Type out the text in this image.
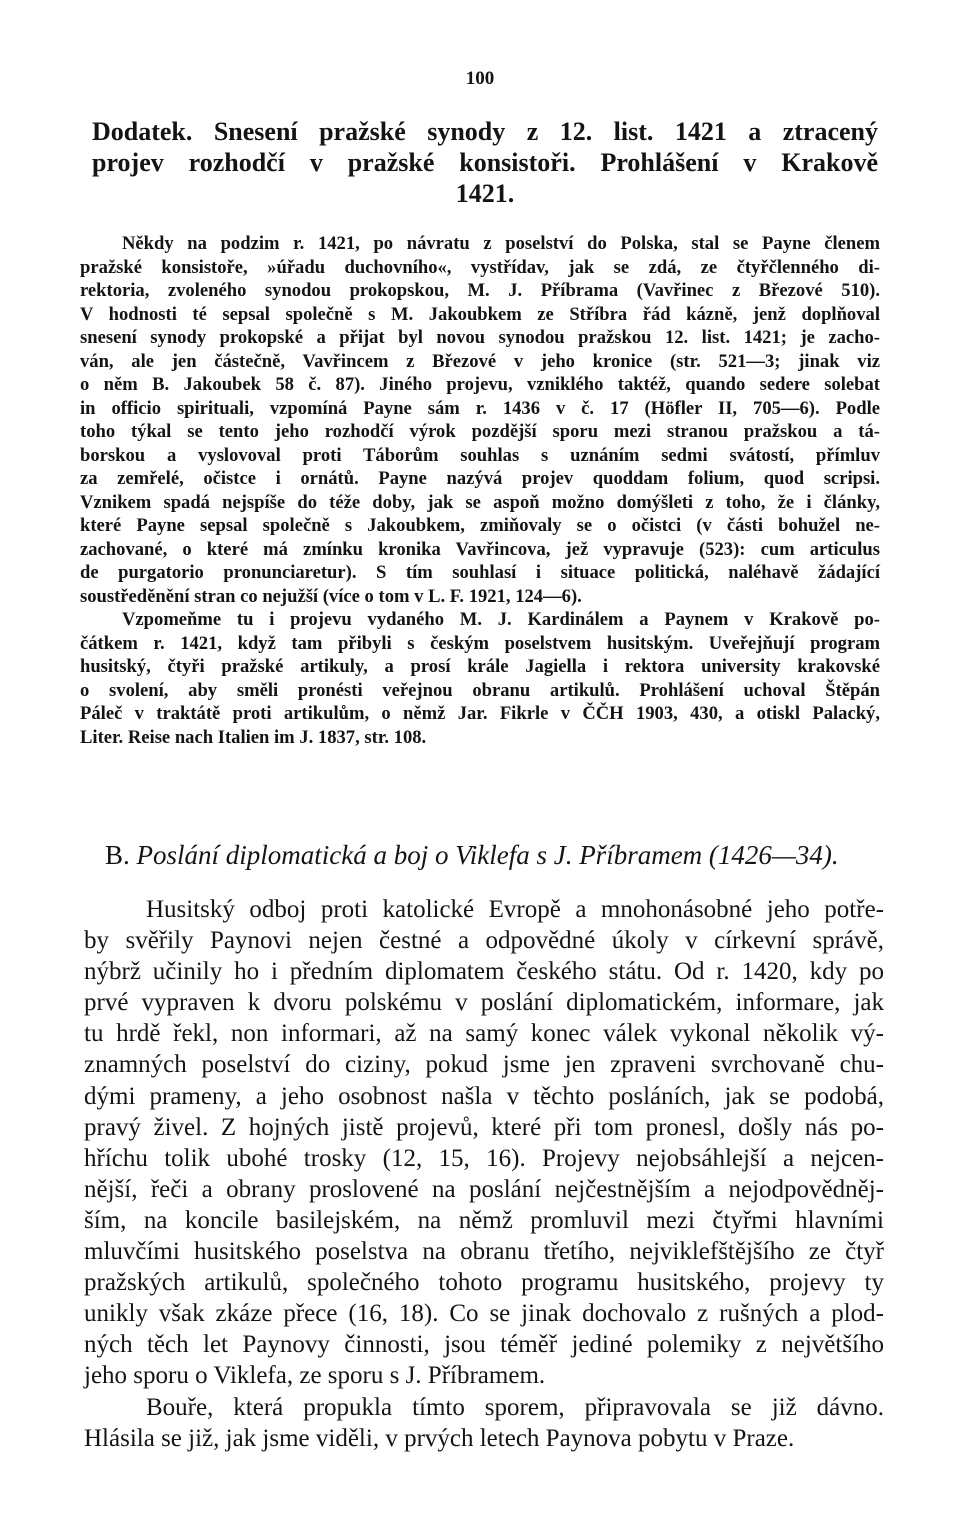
100
Dodatek. Snesení pražské synody z 12. list. 1421 a ztracený
projev rozhodčí v pražské konsistoři. Prohlášení v Krakově
1421.
Někdy na podzim r. 1421, po návratu z poselství do Polska, stal se Payne členem
pražské konsistoře, »úřadu duchovního«, vystřídav, jak se zdá, ze čtyřčlenného di-
rektoria, zvoleného synodou prokopskou, M. J. Příbrama (Vavřinec z Březové 510).
V hodnosti té sepsal společně s M. Jakoubkem ze Stříbra řád kázně, jenž doplňoval
snesení synody prokopské a přijat byl novou synodou pražskou 12. list. 1421; je zacho-
ván, ale jen částečně, Vavřincem z Březové v jeho kronice (str. 521—3; jinak viz
o něm B. Jakoubek 58 č. 87). Jiného projevu, vzniklého taktéž, quando sedere solebat
in officio spirituali, vzpomíná Payne sám r. 1436 v č. 17 (Höfler II, 705—6). Podle
toho týkal se tento jeho rozhodčí výrok pozdější sporu mezi stranou pražskou a tá-
borskou a vyslovoval proti Táborům souhlas s uznáním sedmi svátostí, přímluv
za zemřelé, očistce i ornátů. Payne nazývá projev quoddam folium, quod scripsi.
Vznikem spadá nejspíše do téže doby, jak se aspoň možno domýšleti z toho, že i články,
které Payne sepsal společně s Jakoubkem, zmiňovaly se o očistci (v části bohužel ne-
zachované, o které má zmínku kronika Vavřincova, jež vypravuje (523): cum articulus
de purgatorio pronunciaretur). S tím souhlasí i situace politická, naléhavě žádající
soustředěnění stran co nejužší (více o tom v L. F. 1921, 124—6).
Vzpomeňme tu i projevu vydaného M. J. Kardinálem a Paynem v Krakově po-
čátkem r. 1421, když tam přibyli s českým poselstvem husitským. Uveřejňují program
husitský, čtyři pražské artikuly, a prosí krále Jagiella i rektora university krakovské
o svolení, aby směli pronésti veřejnou obranu artikulů. Prohlášení uchoval Štěpán
Páleč v traktátě proti artikulům, o němž Jar. Fikrle v ČČH 1903, 430, a otiskl Palacký,
Liter. Reise nach Italien im J. 1837, str. 108.
B. Poslání diplomatická a boj o Viklefa s J. Příbramem (1426—34).
Husitský odboj proti katolické Evropě a mnohonásobné jeho potře-
by svěřily Paynovi nejen čestné a odpovědné úkoly v církevní správě,
nýbrž učinily ho i předním diplomatem českého státu. Od r. 1420, kdy po
prvé vypraven k dvoru polskému v poslání diplomatickém, informare, jak
tu hrdě řekl, non informari, až na samý konec válek vykonal několik vý-
znamných poselství do ciziny, pokud jsme jen zpraveni svrchovaně chu-
dými prameny, a jeho osobnost našla v těchto posláních, jak se podobá,
pravý živel. Z hojných jistě projevů, které při tom pronesl, došly nás po-
hříchu tolik ubohé trosky (12, 15, 16). Projevy nejobsáhlejší a nejcen-
nější, řeči a obrany proslovené na poslání nejčestnějším a nejodpovědněj-
ším, na koncile basilejském, na němž promluvil mezi čtyřmi hlavními
mluvčími husitského poselstva na obranu třetího, nejviklefštějšího ze čtyř
pražských artikulů, společného tohoto programu husitského, projevy ty
unikly však zkáze přece (16, 18). Co se jinak dochovalo z rušných a plod-
ných těch let Paynovy činnosti, jsou téměř jediné polemiky z největšího
jeho sporu o Viklefa, ze sporu s J. Příbramem.
Bouře, která propukla tímto sporem, připravovala se již dávno.
Hlásila se již, jak jsme viděli, v prvých letech Paynova pobytu v Praze.
